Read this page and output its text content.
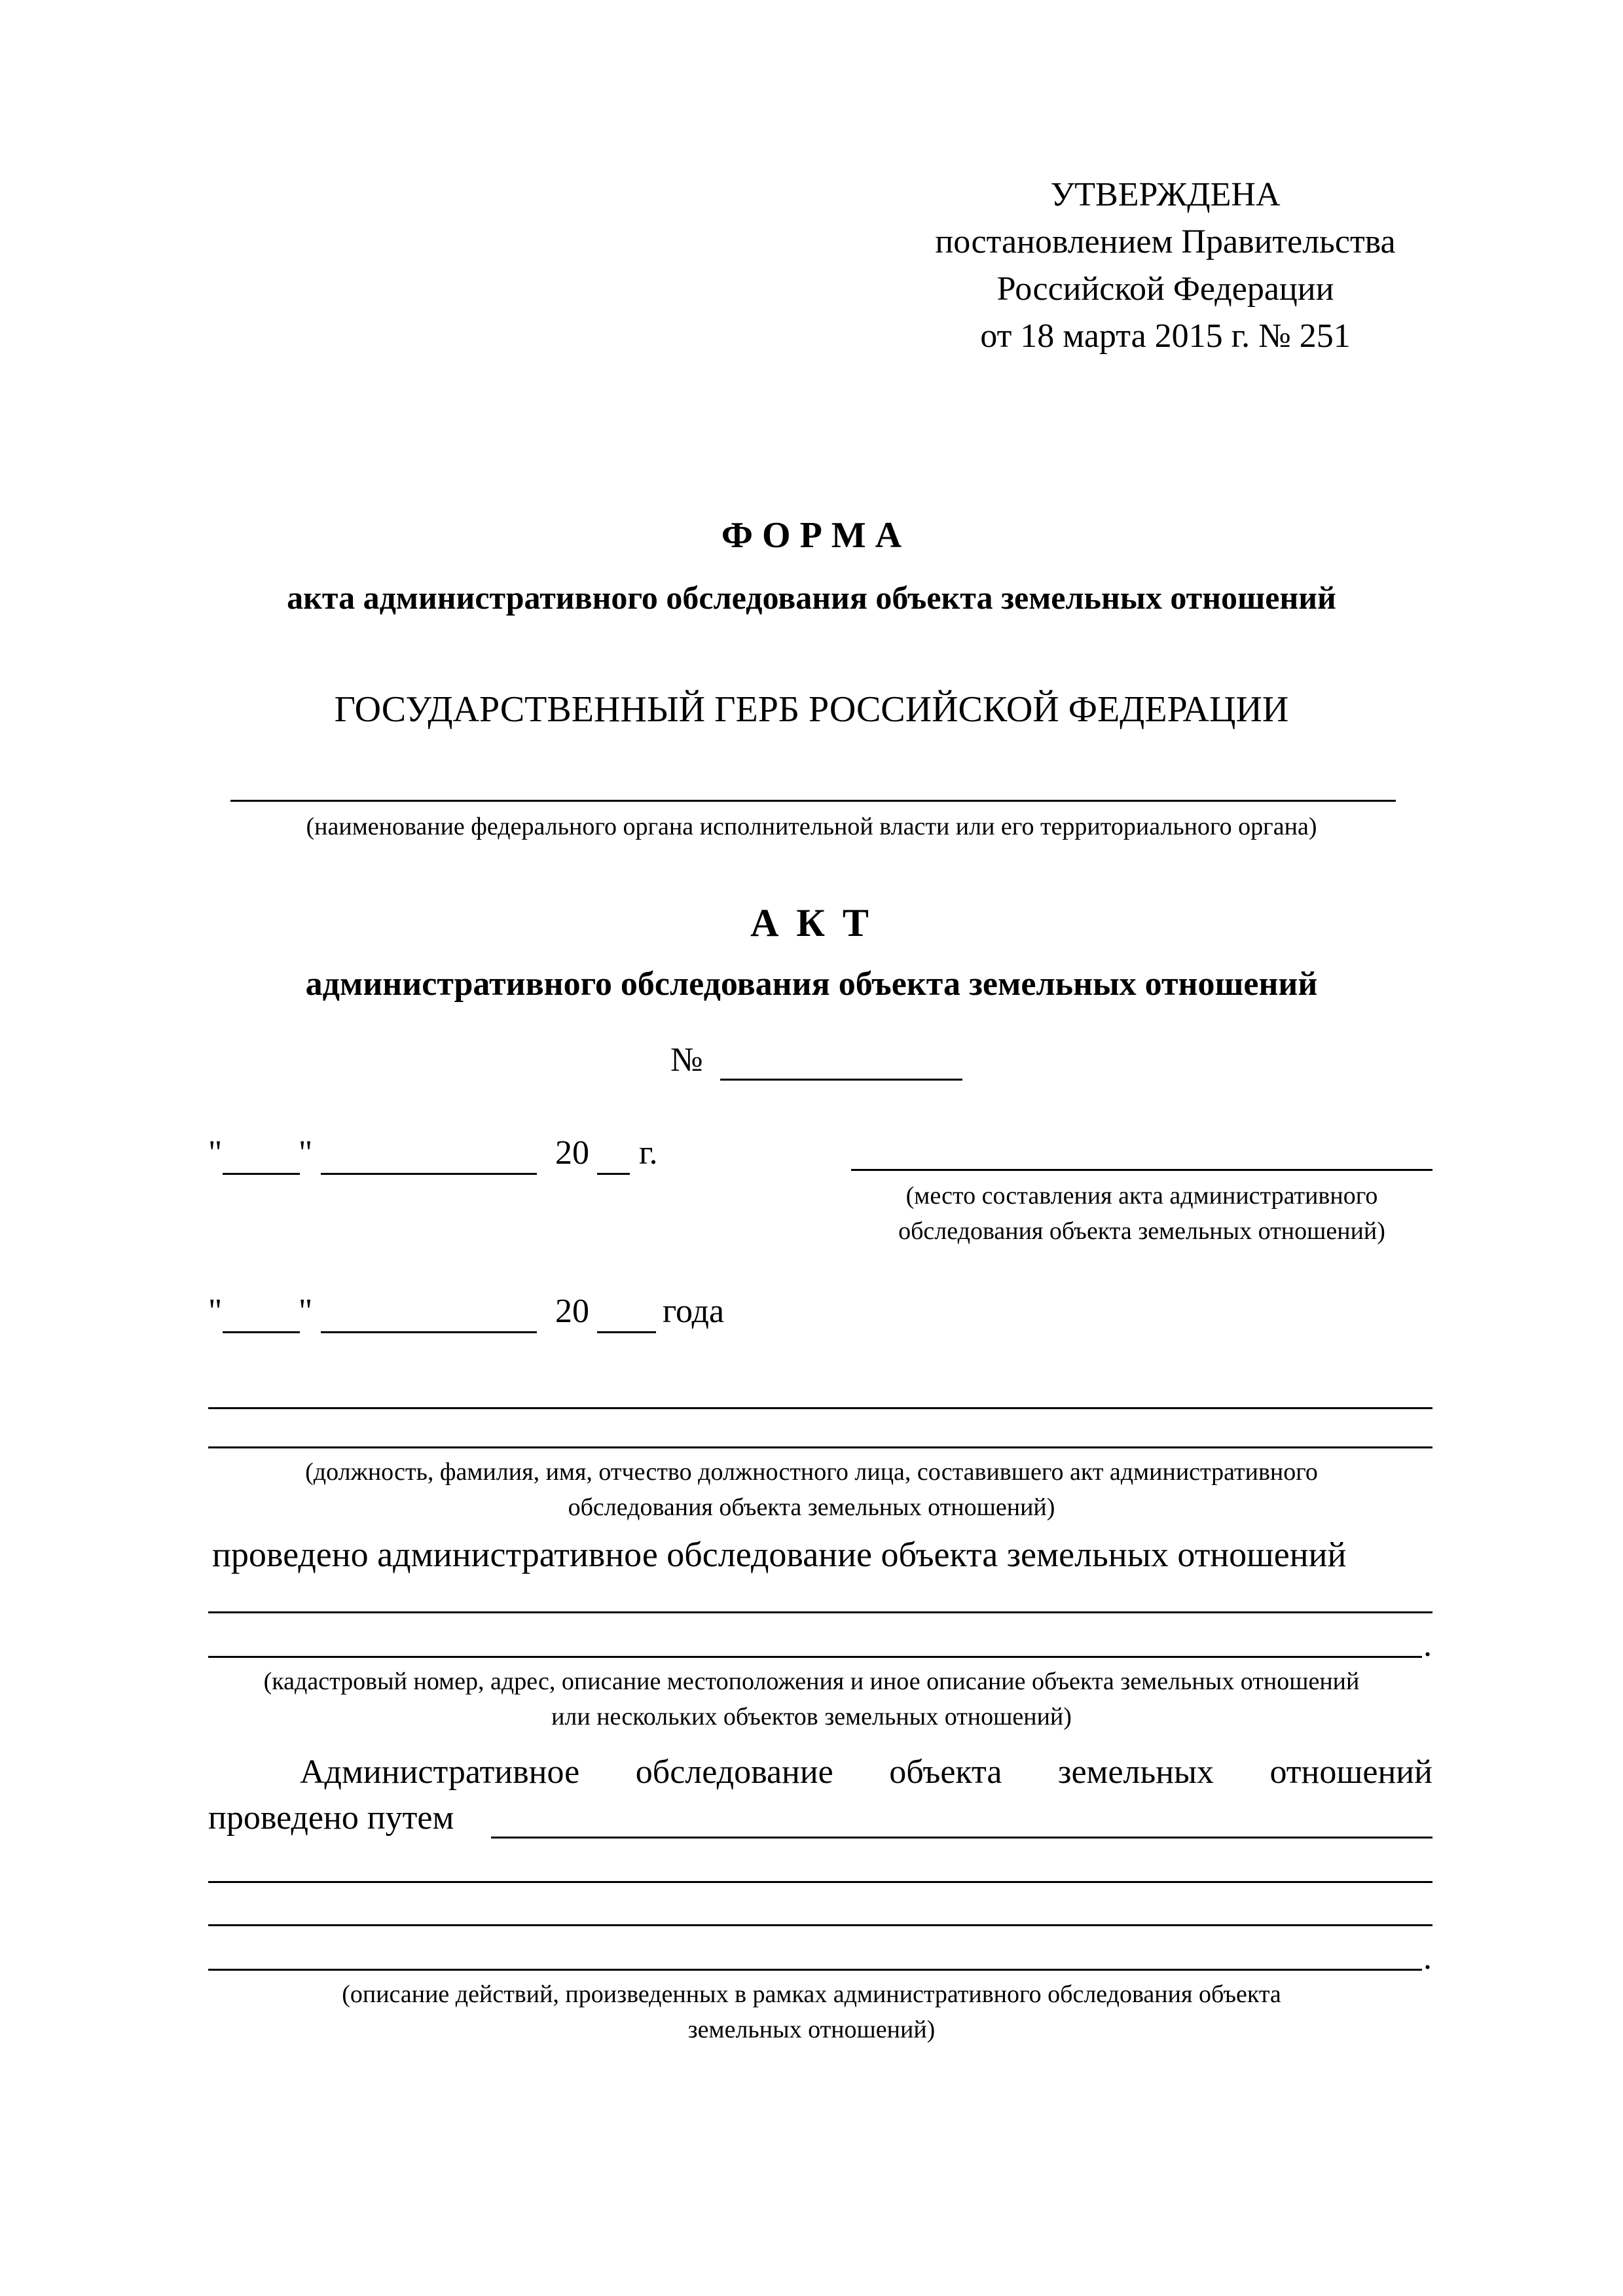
УТВЕРЖДЕНА
постановлением Правительства
Российской Федерации
от 18 марта 2015 г. № 251
Ф О Р М А
акта административного обследования объекта земельных отношений
ГОСУДАРСТВЕННЫЙ ГЕРБ РОССИЙСКОЙ ФЕДЕРАЦИИ
(наименование федерального органа исполнительной власти или его территориального органа)
А К Т
административного обследования объекта земельных отношений
№
" "	20 г.
(место составления акта административного
обследования объекта земельных отношений)
" "	20 года
(должность, фамилия, имя, отчество должностного лица, составившего акт административного
обследования объекта земельных отношений)
проведено административное обследование объекта земельных отношений
.
(кадастровый номер, адрес, описание местоположения и иное описание объекта земельных отношений
или нескольких объектов земельных отношений)
Административное обследование объекта земельных отношений
проведено путем
.
(описание действий, произведенных в рамках административного обследования объекта
земельных отношений)
